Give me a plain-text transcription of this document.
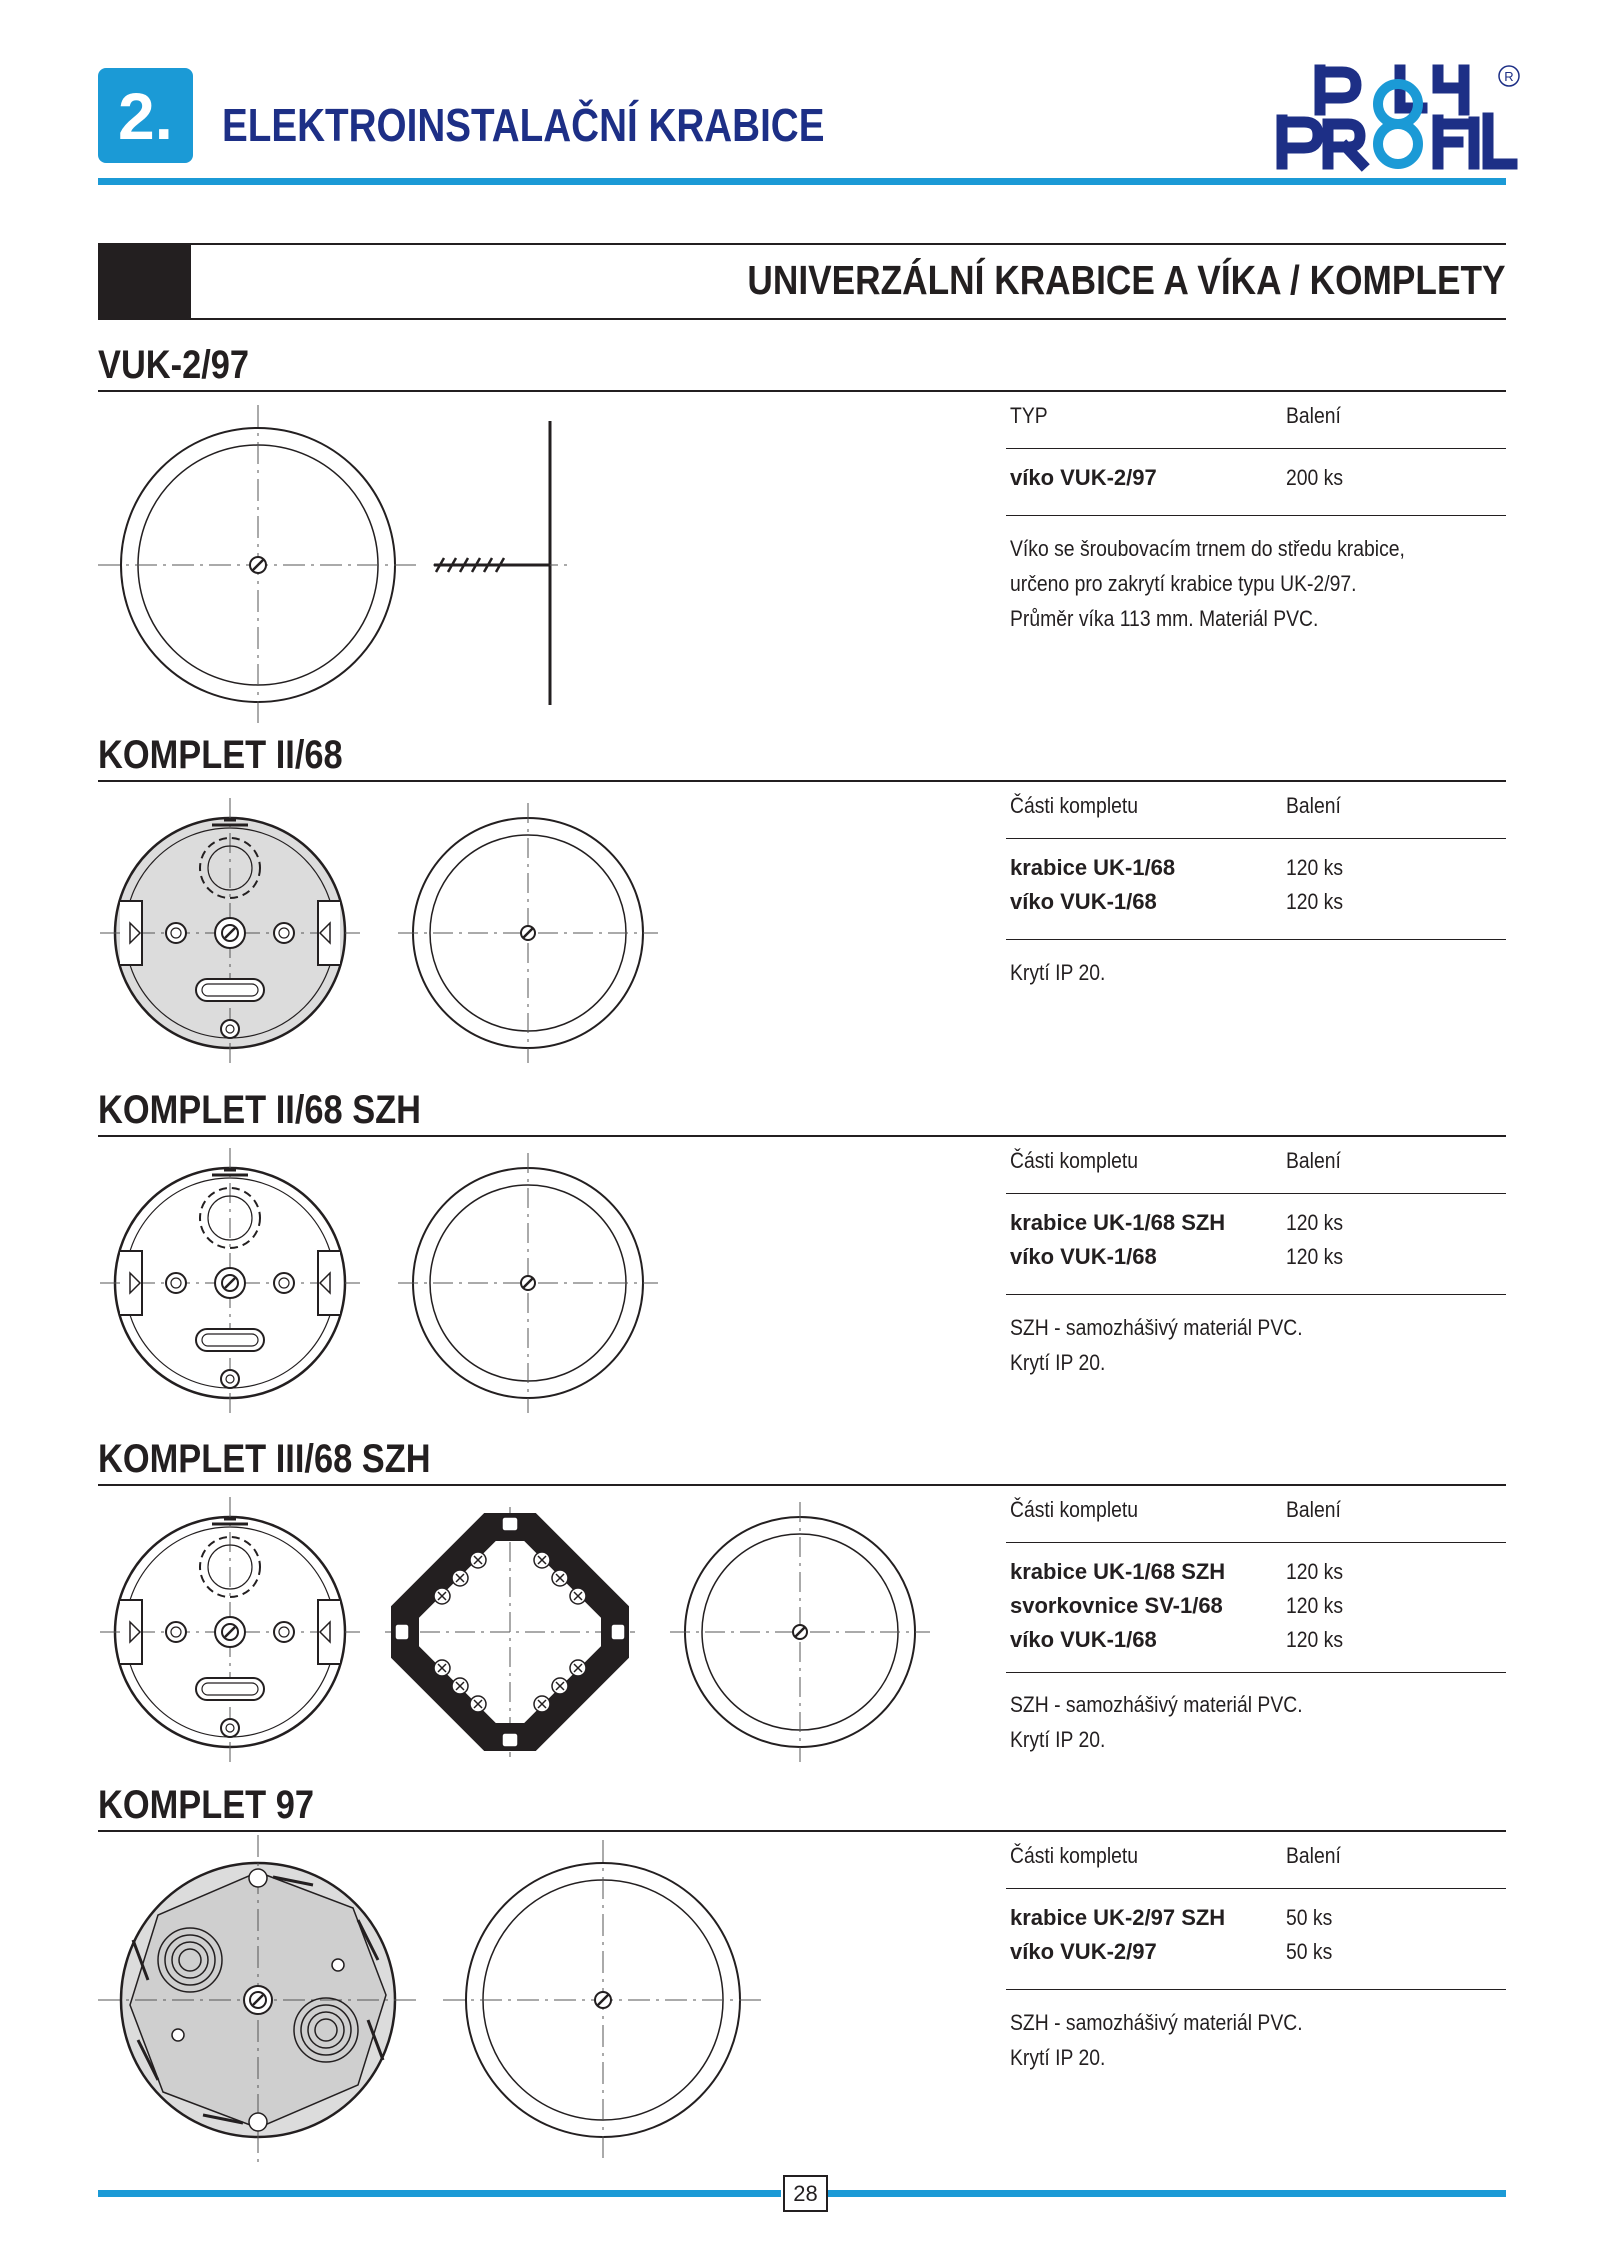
2. ELEKTROINSTALAČNÍ KRABICE
R
UNIVERZÁLNÍ KRABICE A VÍKA / KOMPLETY
VUK-2/97
TYP	Balení
víko VUK-2/97	200 ks
Víko se šroubovacím trnem do středu krabice,
určeno pro zakrytí krabice typu UK-2/97.
Průměr víka 113 mm. Materiál PVC.
KOMPLET II/68
Části kompletu	Balení
krabice UK-1/68	120 ks
víko VUK-1/68	120 ks
Krytí IP 20.
KOMPLET II/68 SZH
Části kompletu	Balení
krabice UK-1/68 SZH	120 ks
víko VUK-1/68	120 ks
SZH - samozhášivý materiál PVC.
Krytí IP 20.
KOMPLET III/68 SZH
Části kompletu	Balení
krabice UK-1/68 SZH	120 ks
svorkovnice SV-1/68	120 ks
víko VUK-1/68	120 ks
SZH - samozhášivý materiál PVC.
Krytí IP 20.
KOMPLET 97
Části kompletu	Balení
krabice UK-2/97 SZH	50 ks
víko VUK-2/97	50 ks
SZH - samozhášivý materiál PVC.
Krytí IP 20.
28
